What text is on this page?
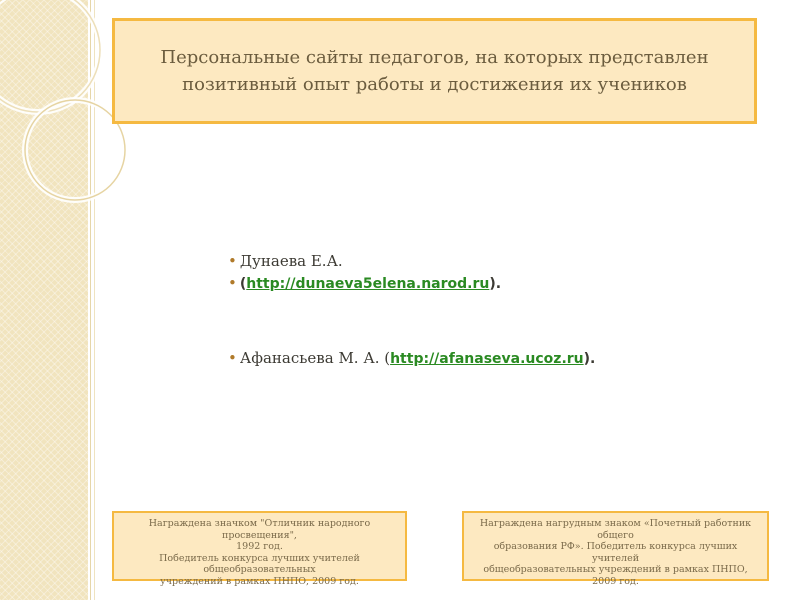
Персональные сайты педагогов, на которых представлен
позитивный опыт работы и достижения их учеников
• Дунаева Е.А.
• (http://dunaeva5elena.narod.ru).
• Афанасьева М. А. (http://afanaseva.ucoz.ru).
Награждена значком "Отличник народного просвещения",
1992 год.
Победитель конкурса лучших учителей общеобразовательных
учреждений в рамках ПНПО, 2009 год.
Награждена нагрудным знаком «Почетный работник общего
образования РФ». Победитель конкурса лучших учителей
общеобразовательных учреждений в рамках ПНПО, 2009 год.
